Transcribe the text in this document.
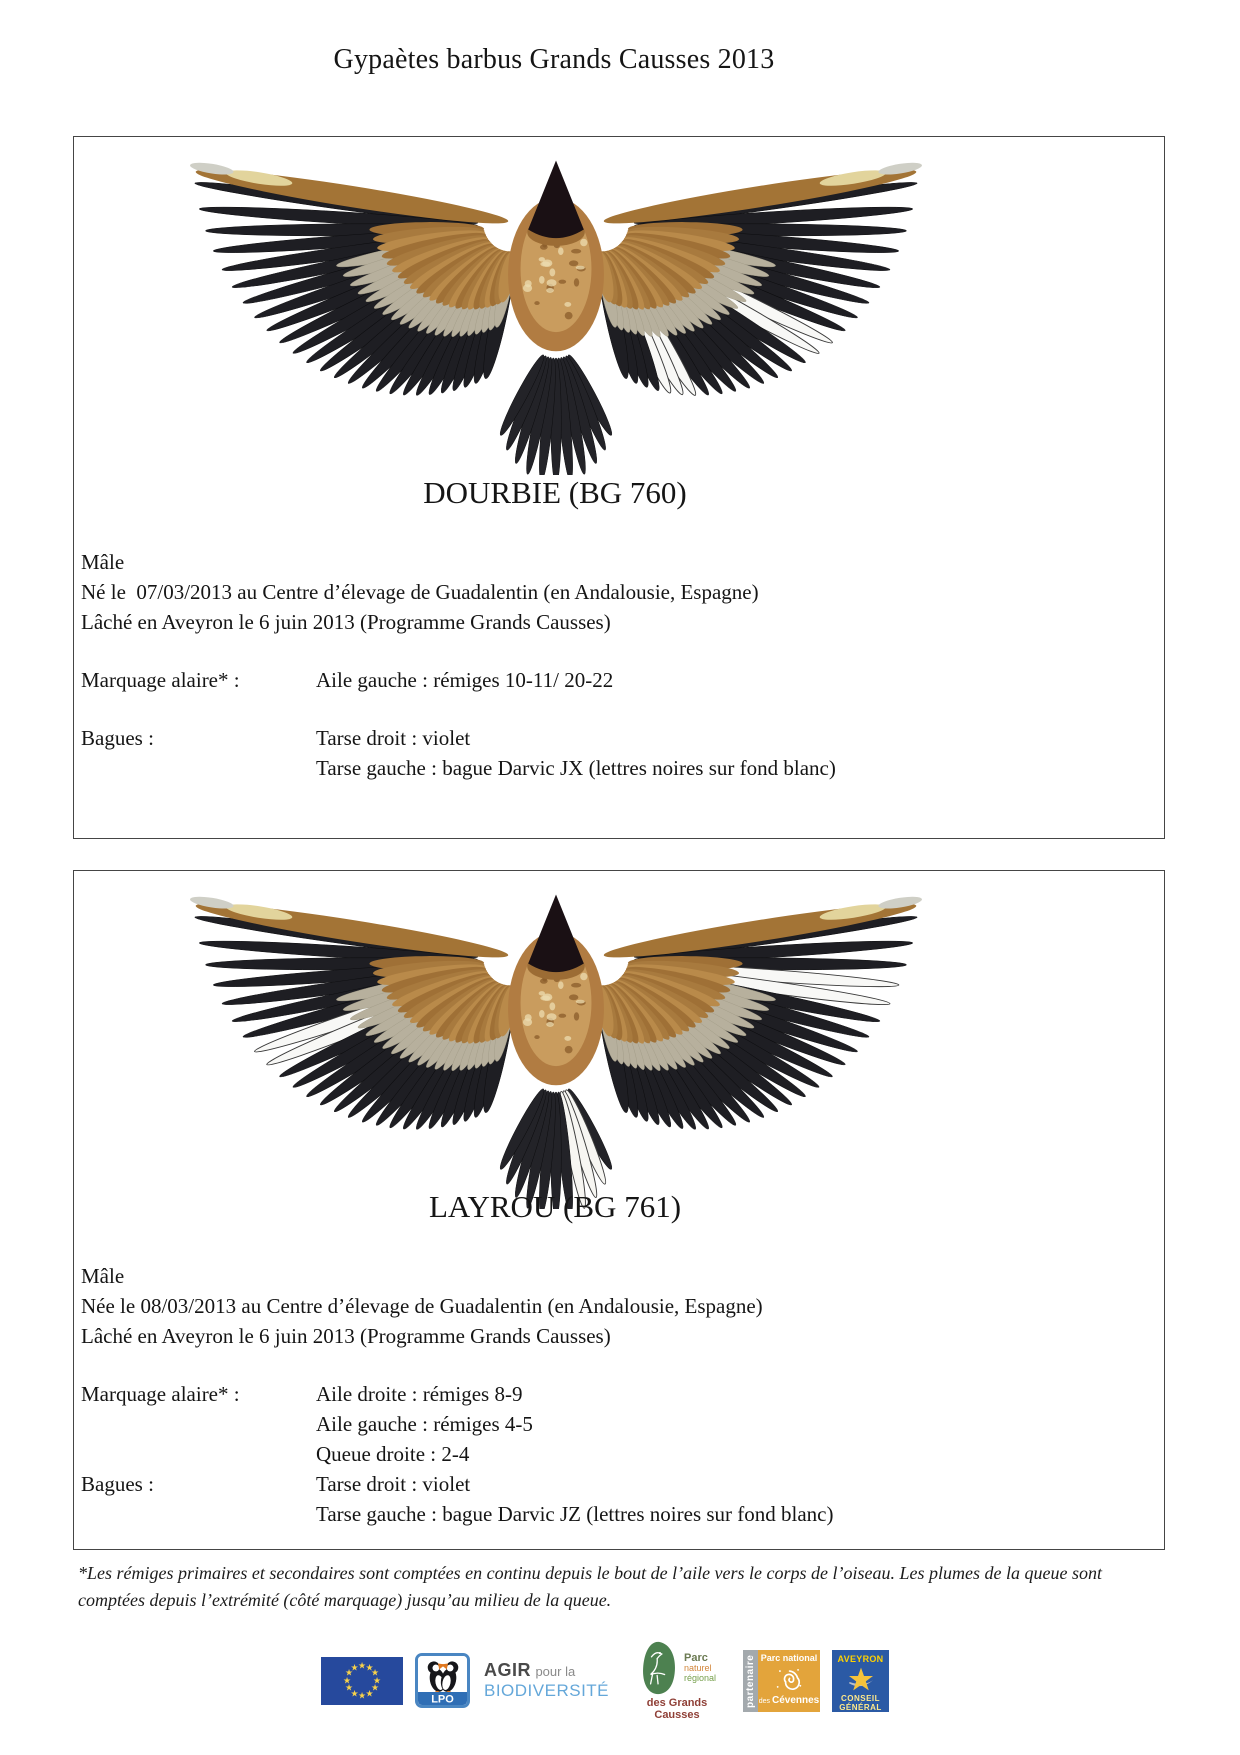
Gypaètes barbus Grands Causses 2013
DOURBIE (BG 760)

Mâle

Né le  07/03/2013 au Centre d’élevage de Guadalentin (en Andalousie, Espagne)

Lâché en Aveyron le 6 juin 2013 (Programme Grands Causses)

Marquage alaire* :	Aile gauche : rémiges 10-11/ 20-22

Bagues :	Tarse droit : violet

Tarse gauche : bague Darvic JX (lettres noires sur fond blanc)

LAYROU (BG 761)

Mâle

Née le 08/03/2013 au Centre d’élevage de Guadalentin (en Andalousie, Espagne)

Lâché en Aveyron le 6 juin 2013 (Programme Grands Causses)

Marquage alaire* :	Aile droite : rémiges 8-9

Aile gauche : rémiges 4-5

Queue droite : 2-4

Bagues :	Tarse droit : violet

Tarse gauche : bague Darvic JZ (lettres noires sur fond blanc)

*Les rémiges primaires et secondaires sont comptées en continu depuis le bout de l’aile vers le corps de l’oiseau. Les plumes de la queue sont comptées depuis l’extrémité (côté marquage) jusqu’au milieu de la queue.

★ ★
★
★
★
★
★
★
★
★
★
★
LPO
AGIR pour la
BIODIVERSITÉ
Parc
naturel
régional
des Grands Causses
partenaire Parc national
des Cévennes
AVEYRON
CONSEIL
GÉNÉRAL
